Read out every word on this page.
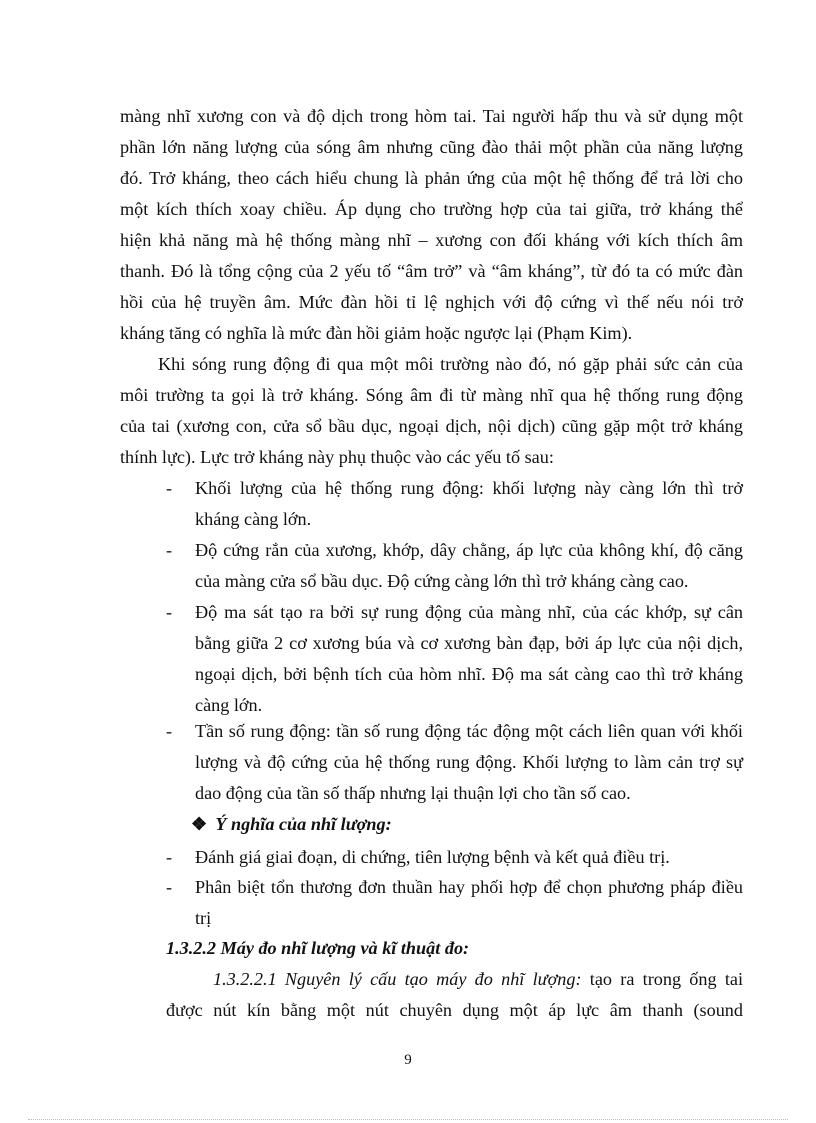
màng nhĩ xương con và độ dịch trong hòm tai. Tai người hấp thu và sử dụng một
phần lớn năng lượng của sóng âm nhưng cũng đào thải một phần của năng lượng
đó. Trở kháng, theo cách hiểu chung là phản ứng của một hệ thống để trả lời cho
một kích thích xoay chiều. Áp dụng cho trường hợp của tai giữa, trở kháng thể
hiện khả năng mà hệ thống màng nhĩ – xương con đối kháng với kích thích âm
thanh. Đó là tổng cộng của 2 yếu tố “âm trở” và “âm kháng”, từ đó ta có mức đàn
hồi của hệ truyền âm. Mức đàn hồi tỉ lệ nghịch với độ cứng vì thế nếu nói trở
kháng tăng có nghĩa là mức đàn hồi giảm hoặc ngược lại (Phạm Kim).
Khi sóng rung động đi qua một môi trường nào đó, nó gặp phải sức cản của
môi trường ta gọi là trở kháng. Sóng âm đi từ màng nhĩ qua hệ thống rung động
của tai (xương con, cửa sổ bầu dục, ngoại dịch, nội dịch) cũng gặp một trở kháng
thính lực). Lực trở kháng này phụ thuộc vào các yếu tố sau:
- Khối lượng của hệ thống rung động: khối lượng này càng lớn thì trở
kháng càng lớn.
- Độ cứng rắn của xương, khớp, dây chằng, áp lực của không khí, độ căng
của màng cửa sổ bầu dục. Độ cứng càng lớn thì trở kháng càng cao.
- Độ ma sát tạo ra bởi sự rung động của màng nhĩ, của các khớp, sự cân
bằng giữa 2 cơ xương búa và cơ xương bàn đạp, bởi áp lực của nội dịch,
ngoại dịch, bởi bệnh tích của hòm nhĩ. Độ ma sát càng cao thì trở kháng
càng lớn.
- Tần số rung động: tần số rung động tác động một cách liên quan với khối
lượng và độ cứng của hệ thống rung động. Khối lượng to làm cản trợ sự
dao động của tần số thấp nhưng lại thuận lợi cho tần số cao.
❖ Ý nghĩa của nhĩ lượng:
- Đánh giá giai đoạn, di chứng, tiên lượng bệnh và kết quả điều trị.
- Phân biệt tổn thương đơn thuần hay phối hợp để chọn phương pháp điều
trị
1.3.2.2 Máy đo nhĩ lượng và kĩ thuật đo:
1.3.2.2.1 Nguyên lý cấu tạo máy đo nhĩ lượng: tạo ra trong ống tai
được nút kín bằng một nút chuyên dụng một áp lực âm thanh (sound
9
